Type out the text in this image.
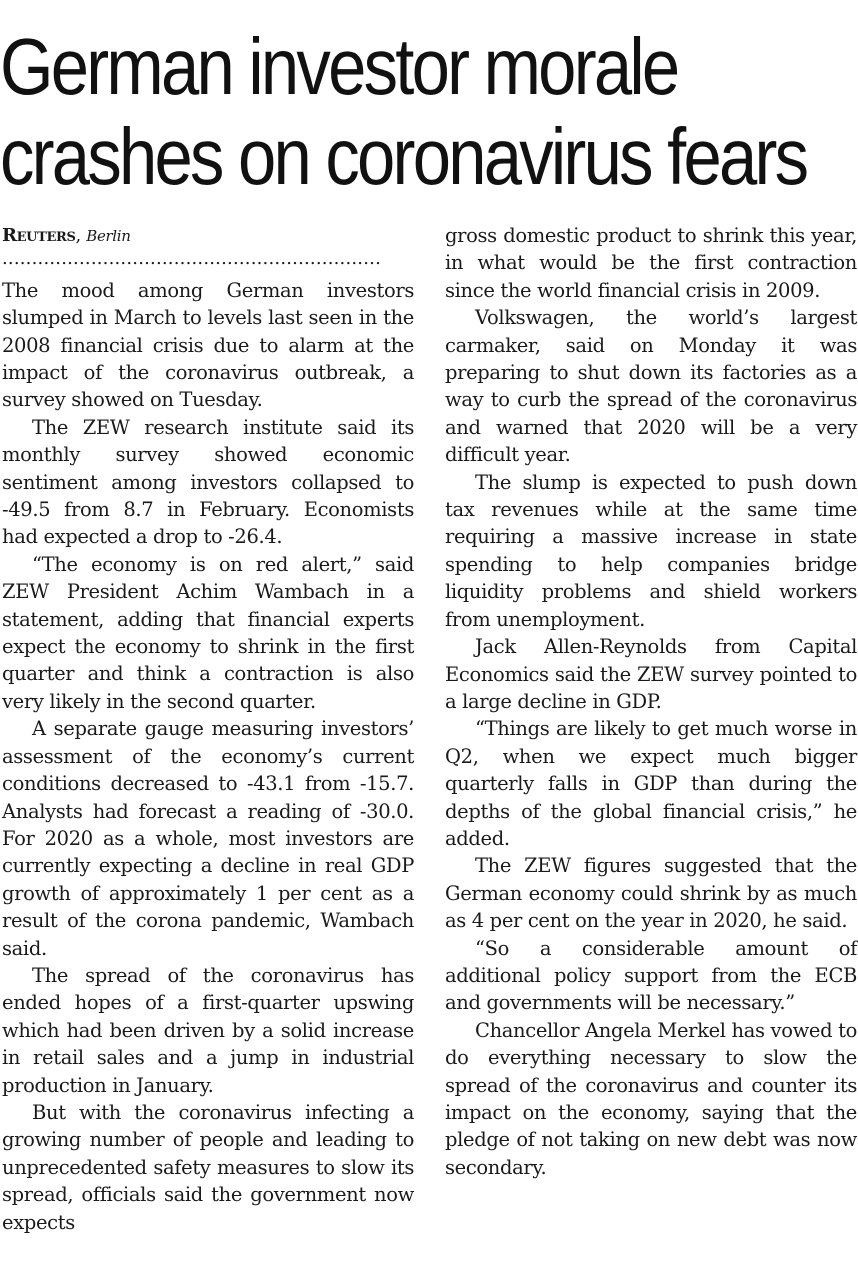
German investor morale
crashes on coronavirus fears
Reuters, Berlin
................................................................

The mood among German investors slumped in March to levels last seen in the 2008 financial crisis due to alarm at the impact of the coronavirus outbreak, a survey showed on Tuesday.

The ZEW research institute said its monthly survey showed economic sentiment among investors collapsed to -49.5 from 8.7 in February. Economists had expected a drop to -26.4.

“The economy is on red alert,” said ZEW President Achim Wambach in a statement, adding that financial experts expect the economy to shrink in the first quarter and think a contraction is also very likely in the second quarter.

A separate gauge measuring investors’ assessment of the economy’s current conditions decreased to -43.1 from -15.7. Analysts had forecast a reading of -30.0. For 2020 as a whole, most investors are currently expecting a decline in real GDP growth of approximately 1 per cent as a result of the corona pandemic, Wambach said.

The spread of the coronavirus has ended hopes of a first-quarter upswing which had been driven by a solid increase in retail sales and a jump in industrial production in January.

But with the coronavirus infecting a growing number of people and leading to unprecedented safety measures to slow its spread, officials said the government now expects

gross domestic product to shrink this year, in what would be the first contraction since the world financial crisis in 2009.

Volkswagen, the world’s largest carmaker, said on Monday it was preparing to shut down its factories as a way to curb the spread of the coronavirus and warned that 2020 will be a very difficult year.

The slump is expected to push down tax revenues while at the same time requiring a massive increase in state spending to help companies bridge liquidity problems and shield workers from unemployment.

Jack Allen-Reynolds from Capital Economics said the ZEW survey pointed to a large decline in GDP.

“Things are likely to get much worse in Q2, when we expect much bigger quarterly falls in GDP than during the depths of the global financial crisis,” he added.

The ZEW figures suggested that the German economy could shrink by as much as 4 per cent on the year in 2020, he said.

“So a considerable amount of additional policy support from the ECB and governments will be necessary.”

Chancellor Angela Merkel has vowed to do everything necessary to slow the spread of the coronavirus and counter its impact on the economy, saying that the pledge of not taking on new debt was now secondary.
